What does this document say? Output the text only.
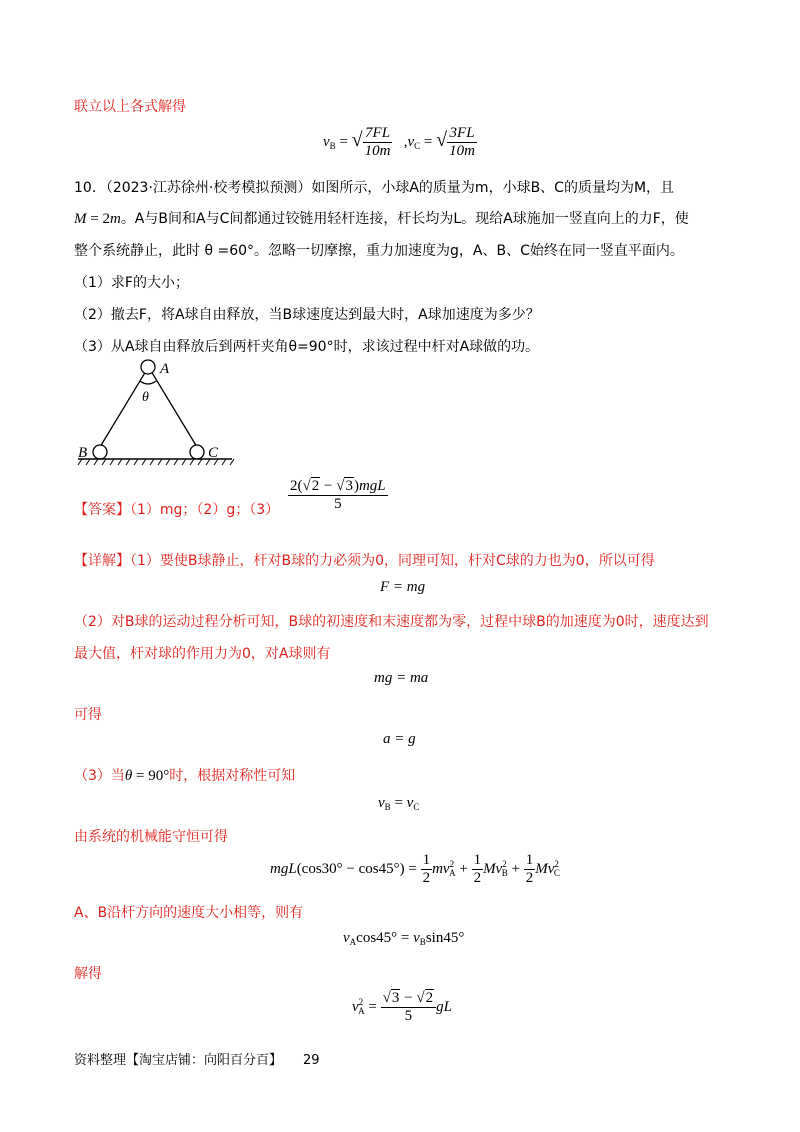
联立以上各式解得
$v_B$ = √ $\frac{7FL}{10m} ,v_C$ = √ $\frac{3FL}{10m}$
10．（2023·江苏徐州·校考模拟预测）如图所示，小球A的质量为m，小球B、C的质量均为M，且
M = 2m。A与B间和A与C间都通过铰链用轻杆连接，杆长均为L。现给A球施加一竖直向上的力F，使
整个系统静止，此时 θ =60°。忽略一切摩擦，重力加速度为g，A、B、C始终在同一竖直平面内。
（1）求F的大小；
（2）撤去F，将A球自由释放，当B球速度达到最大时，A球加速度为多少？
（3）从A球自由释放后到两杆夹角θ=90°时，求该过程中杆对A球做的功。
A
θ
B	C
【答案】（1）mg；（2）g；$(3) \frac{\text{2(√2 − √3)mgL}}{5}$
【详解】（1）要使B球静止，杆对B球的力必须为0，同理可知，杆对C球的力也为0，所以可得
F = mg
（2）对B球的运动过程分析可知，B球的初速度和末速度都为零，过程中球B的加速度为0时，速度达到
最大值，杆对球的作用力为0，对A球则有
mg = ma
可得
a = g
（3）当θ = 90°时，根据对称性可知
$v_B = v_C$
由系统的机械能守恒可得
$mgL(\cos 30^\circ - \cos 45^\circ) = \frac{1}{2} mv^2_A + \frac{1}{2} Mv^2_B + \frac{1}{2} Mv^2_C$
A、B沿杆方向的速度大小相等，则有
$v_A\cos 45^\circ = v_B\sin 45^\circ$
解得
$v^2_A = \frac{√3 - √2}{5}$ gL
资料整理【淘宝店铺：向阳百分百】 29
